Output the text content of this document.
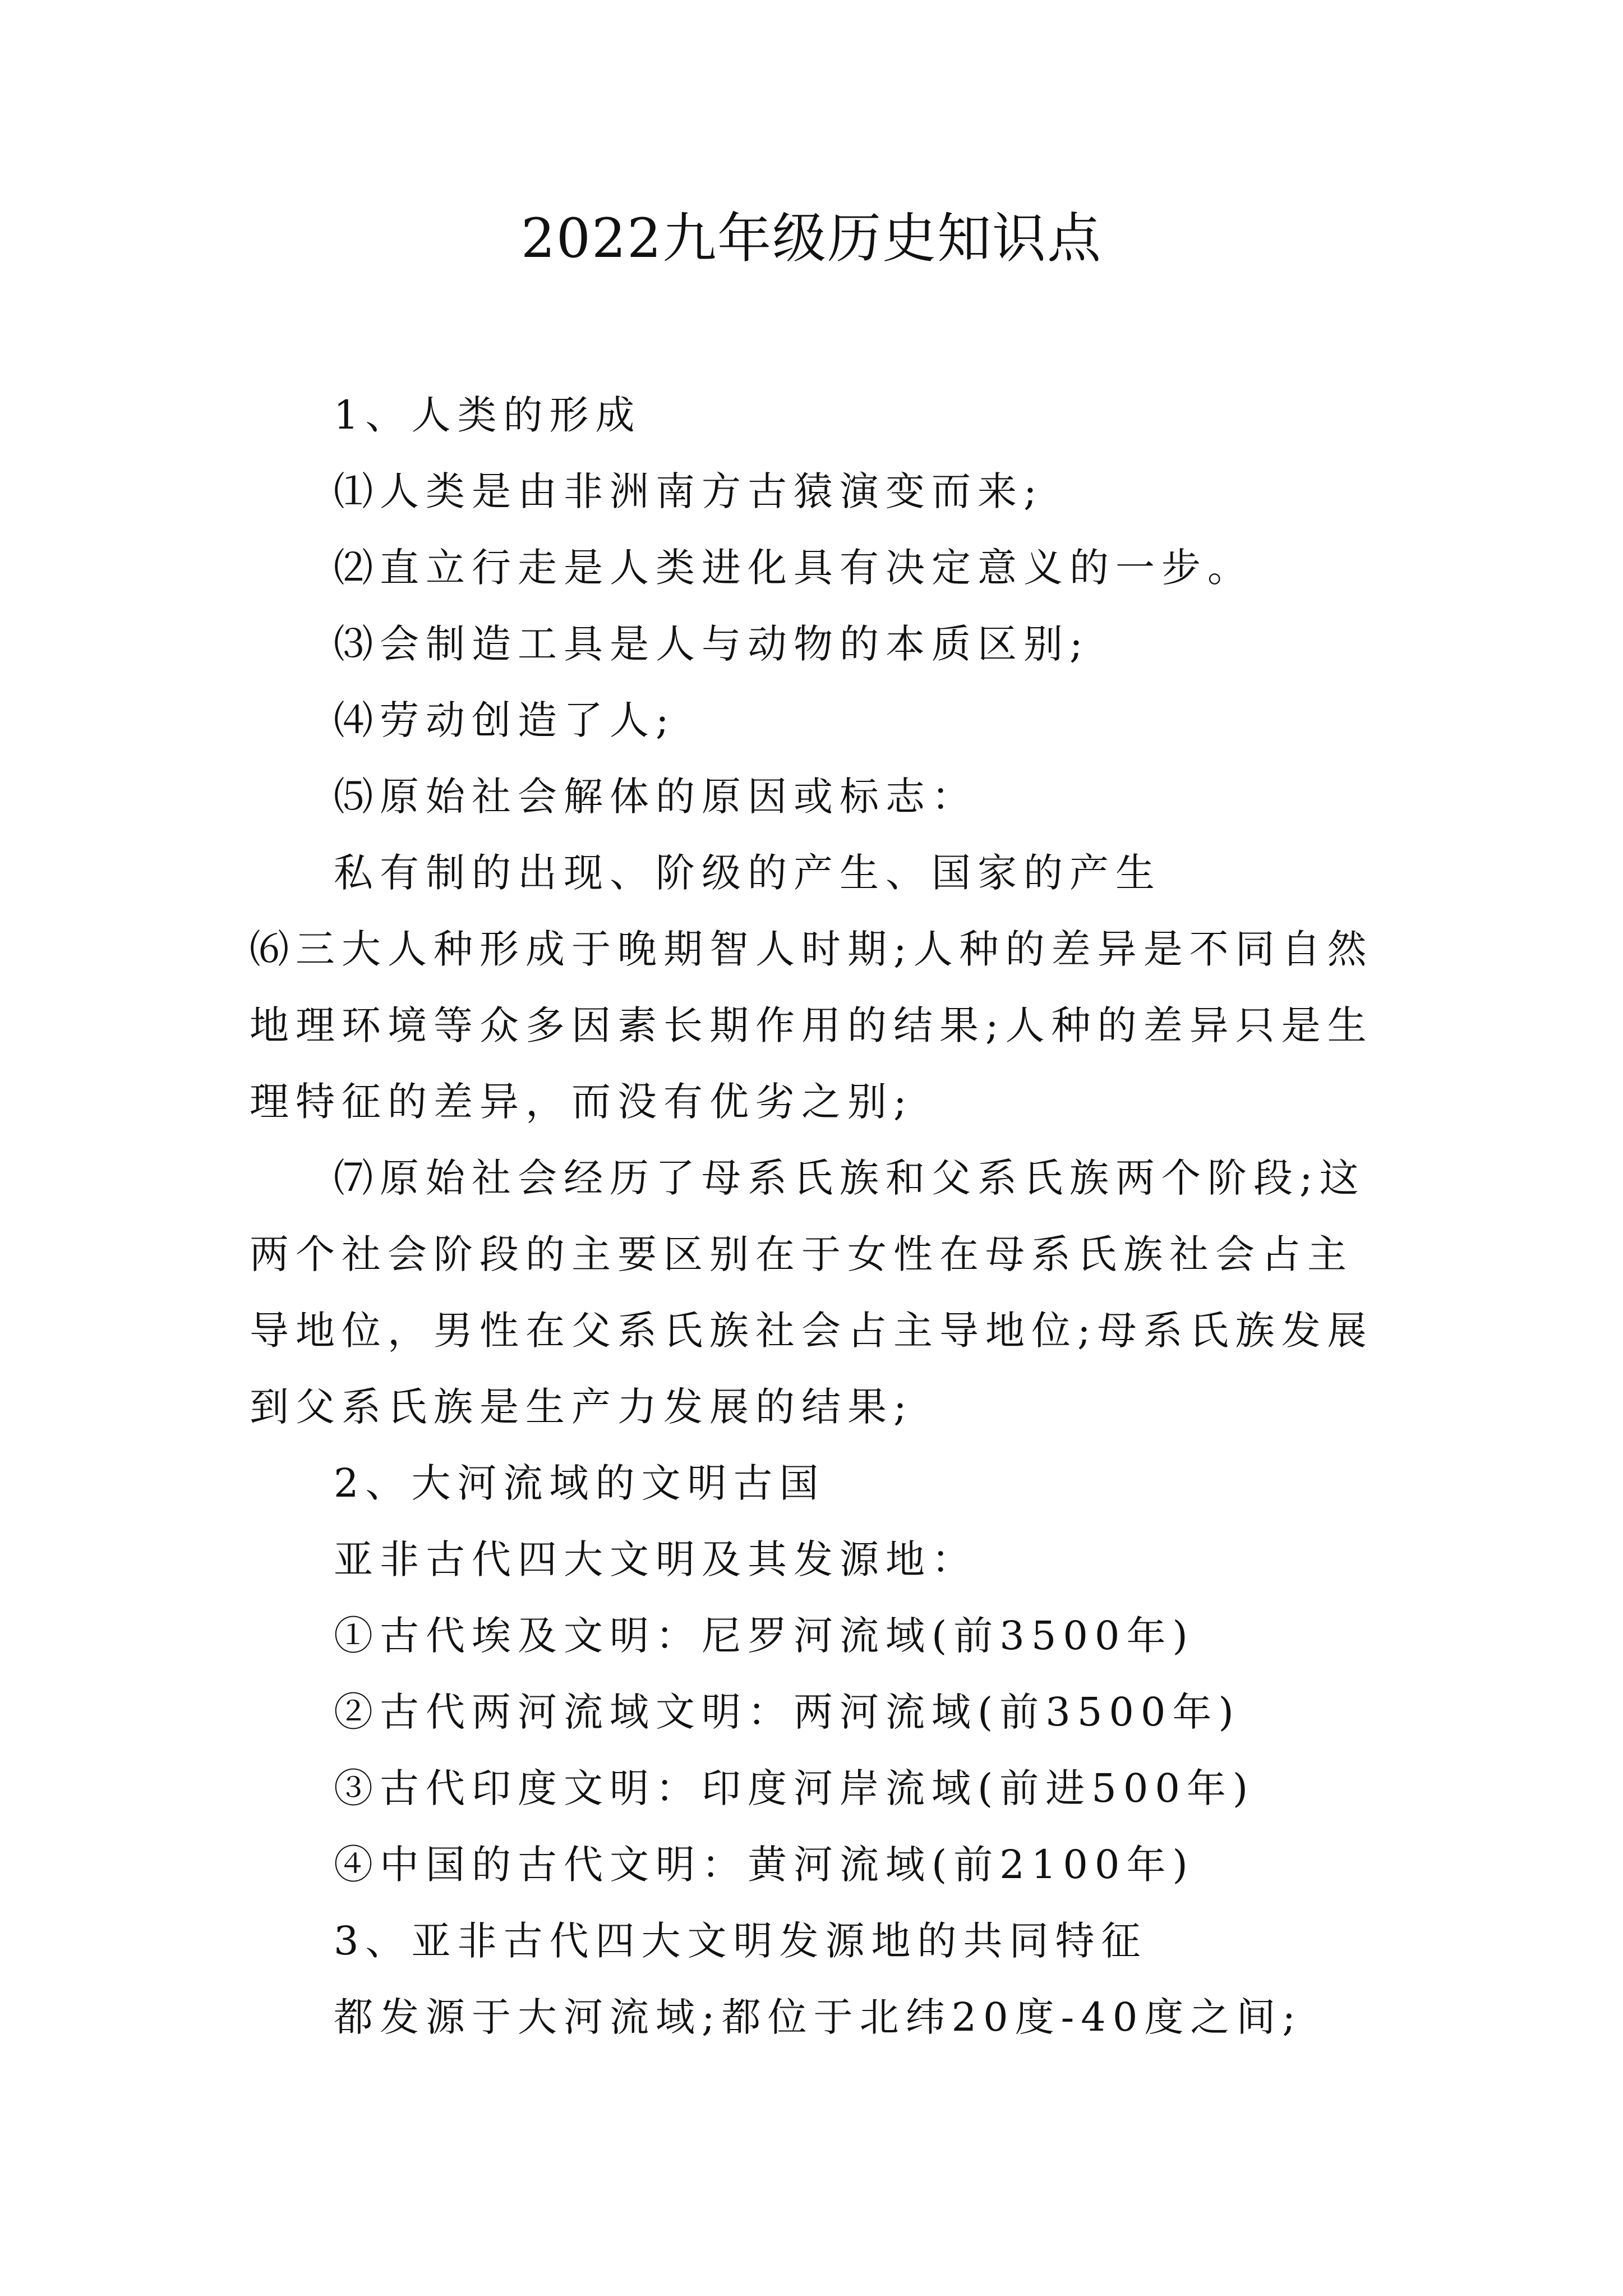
2022九年级历史知识点

1、人类的形成

⑴人类是由非洲南方古猿演变而来;

⑵直立行走是人类进化具有决定意义的一步。

⑶会制造工具是人与动物的本质区别;

⑷劳动创造了人;

⑸原始社会解体的原因或标志：

私有制的出现、阶级的产生、国家的产生

⑹三大人种形成于晚期智人时期;人种的差异是不同自然地理环境等众多因素长期作用的结果;人种的差异只是生理特征的差异，而没有优劣之别;

⑺原始社会经历了母系氏族和父系氏族两个阶段;这两个社会阶段的主要区别在于女性在母系氏族社会占主导地位，男性在父系氏族社会占主导地位;母系氏族发展到父系氏族是生产力发展的结果;

2、大河流域的文明古国

亚非古代四大文明及其发源地：

①古代埃及文明：尼罗河流域(前3500年)

②古代两河流域文明：两河流域(前3500年)

③古代印度文明：印度河岸流域(前进500年)

④中国的古代文明：黄河流域(前2100年)

3、亚非古代四大文明发源地的共同特征

都发源于大河流域;都位于北纬20度-40度之间;
